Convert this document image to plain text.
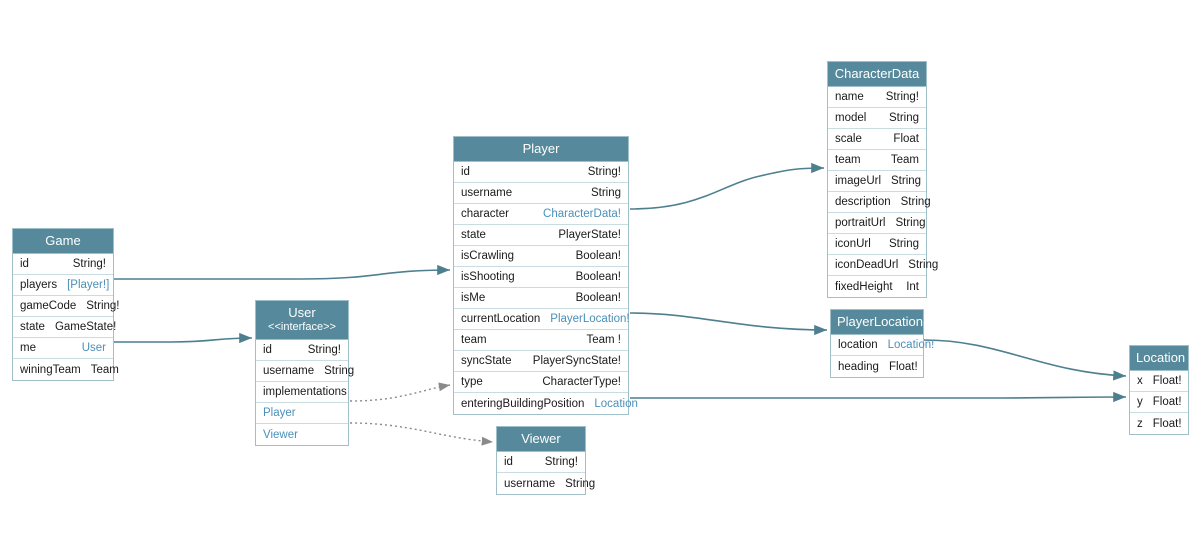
Game
id	String!
players [Player!]
gameCode String!
state GameState!
me	User
winingTeam Team
User
<<interface>>
id	String!
username String
implementations
Player
Viewer
Player
id	String!
username	String
character	CharacterData!
state	PlayerState!
isCrawling	Boolean!
isShooting	Boolean!
isMe	Boolean!
currentLocation PlayerLocation!
team	Team !
syncState	PlayerSyncState!
type	CharacterType!
enteringBuildingPosition Location
Viewer
id	String!
username String
CharacterData
name	String!
model	String
scale	Float
team	Team
imageUrl String
description String
portraitUrl String
iconUrl	String
iconDeadUrl String
fixedHeight	Int
PlayerLocation
location Location!
heading Float!
Location
x Float!
y Float!
z Float!
